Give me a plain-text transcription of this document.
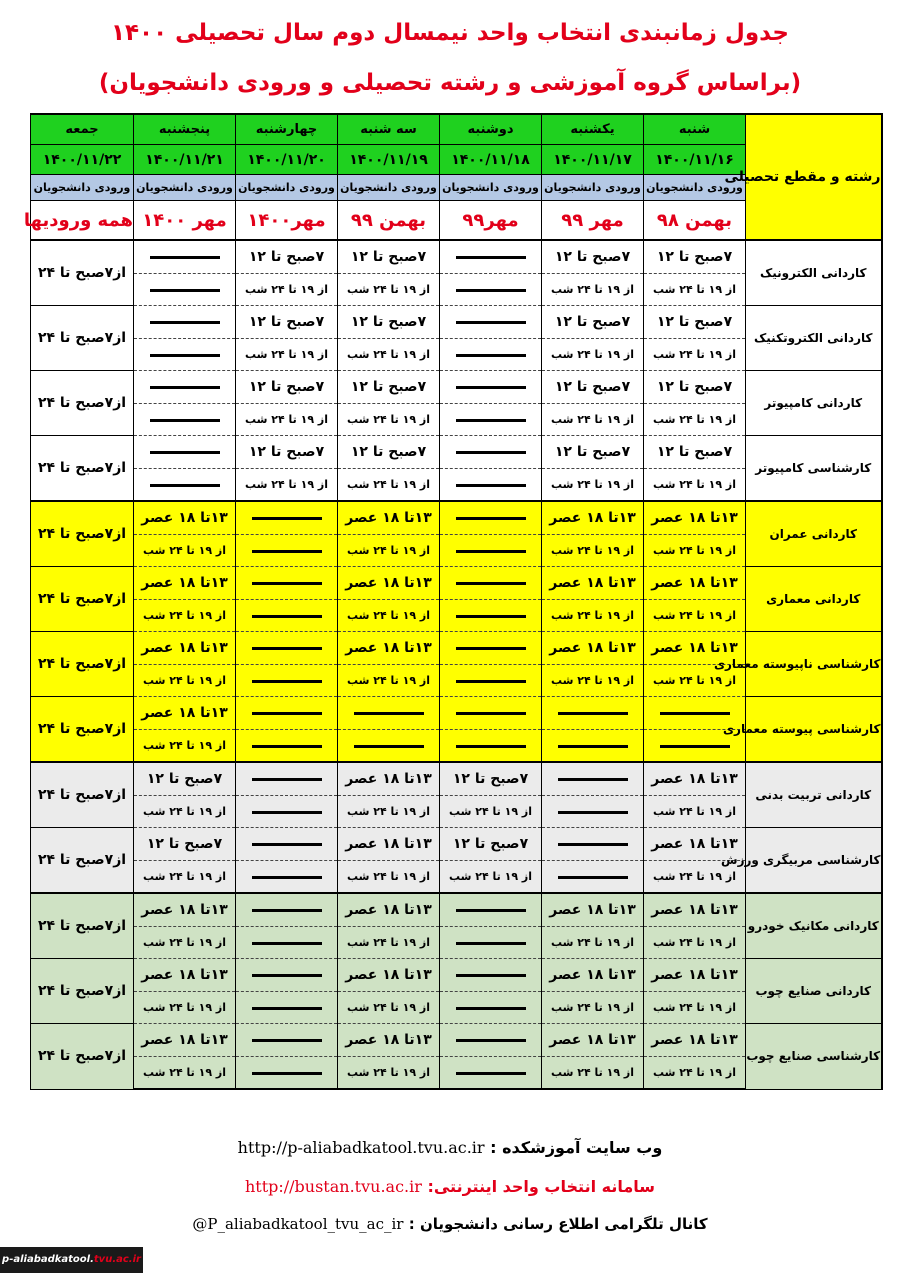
جدول زمانبندی انتخاب واحد نیمسال دوم سال تحصیلی ۱۴۰۰
(براساس گروه آموزشی و رشته تحصیلی و ورودی دانشجویان)
رشته و مقطع تحصیلی	شنبه	یکشنبه	دوشنبه	سه شنبه	چهارشنبه	پنجشنبه	جمعه
	۱۴۰۰/۱۱/۱۶	۱۴۰۰/۱۱/۱۷	۱۴۰۰/۱۱/۱۸	۱۴۰۰/۱۱/۱۹	۱۴۰۰/۱۱/۲۰	۱۴۰۰/۱۱/۲۱	۱۴۰۰/۱۱/۲۲
	ورودی دانشجویان	ورودی دانشجویان	ورودی دانشجویان	ورودی دانشجویان	ورودی دانشجویان	ورودی دانشجویان	ورودی دانشجویان
	بهمن ۹۸	مهر ۹۹	مهر۹۹	بهمن ۹۹	مهر۱۴۰۰	مهر ۱۴۰۰	همه ورودیها
کاردانی الکترونیک	۷صبح تا ۱۲	۷صبح تا ۱۲		۷صبح تا ۱۲	۷صبح تا ۱۲		از۷صبح تا ۲۴
	از ۱۹ تا ۲۴ شب	از ۱۹ تا ۲۴ شب		از ۱۹ تا ۲۴ شب	از ۱۹ تا ۲۴ شب		
کاردانی الکتروتکنیک	۷صبح تا ۱۲	۷صبح تا ۱۲		۷صبح تا ۱۲	۷صبح تا ۱۲		از۷صبح تا ۲۴
	از ۱۹ تا ۲۴ شب	از ۱۹ تا ۲۴ شب		از ۱۹ تا ۲۴ شب	از ۱۹ تا ۲۴ شب		
کاردانی کامپیوتر	۷صبح تا ۱۲	۷صبح تا ۱۲		۷صبح تا ۱۲	۷صبح تا ۱۲		از۷صبح تا ۲۴
	از ۱۹ تا ۲۴ شب	از ۱۹ تا ۲۴ شب		از ۱۹ تا ۲۴ شب	از ۱۹ تا ۲۴ شب		
کارشناسی کامپیوتر	۷صبح تا ۱۲	۷صبح تا ۱۲		۷صبح تا ۱۲	۷صبح تا ۱۲		از۷صبح تا ۲۴
	از ۱۹ تا ۲۴ شب	از ۱۹ تا ۲۴ شب		از ۱۹ تا ۲۴ شب	از ۱۹ تا ۲۴ شب		
کاردانی عمران	۱۳تا ۱۸ عصر	۱۳تا ۱۸ عصر		۱۳تا ۱۸ عصر		۱۳تا ۱۸ عصر	از۷صبح تا ۲۴
	از ۱۹ تا ۲۴ شب	از ۱۹ تا ۲۴ شب		از ۱۹ تا ۲۴ شب		از ۱۹ تا ۲۴ شب	
کاردانی معماری	۱۳تا ۱۸ عصر	۱۳تا ۱۸ عصر		۱۳تا ۱۸ عصر		۱۳تا ۱۸ عصر	از۷صبح تا ۲۴
	از ۱۹ تا ۲۴ شب	از ۱۹ تا ۲۴ شب		از ۱۹ تا ۲۴ شب		از ۱۹ تا ۲۴ شب	
کارشناسی ناپیوسته معماری	۱۳تا ۱۸ عصر	۱۳تا ۱۸ عصر		۱۳تا ۱۸ عصر		۱۳تا ۱۸ عصر	از۷صبح تا ۲۴
	از ۱۹ تا ۲۴ شب	از ۱۹ تا ۲۴ شب		از ۱۹ تا ۲۴ شب		از ۱۹ تا ۲۴ شب	
کارشناسی پیوسته معماری						۱۳تا ۱۸ عصر	از۷صبح تا ۲۴
						از ۱۹ تا ۲۴ شب	
کاردانی تربیت بدنی	۱۳تا ۱۸ عصر		۷صبح تا ۱۲	۱۳تا ۱۸ عصر		۷صبح تا ۱۲	از۷صبح تا ۲۴
	از ۱۹ تا ۲۴ شب		از ۱۹ تا ۲۴ شب	از ۱۹ تا ۲۴ شب		از ۱۹ تا ۲۴ شب	
کارشناسی مربیگری ورزش	۱۳تا ۱۸ عصر		۷صبح تا ۱۲	۱۳تا ۱۸ عصر		۷صبح تا ۱۲	از۷صبح تا ۲۴
	از ۱۹ تا ۲۴ شب		از ۱۹ تا ۲۴ شب	از ۱۹ تا ۲۴ شب		از ۱۹ تا ۲۴ شب	
کاردانی مکانیک خودرو	۱۳تا ۱۸ عصر	۱۳تا ۱۸ عصر		۱۳تا ۱۸ عصر		۱۳تا ۱۸ عصر	از۷صبح تا ۲۴
	از ۱۹ تا ۲۴ شب	از ۱۹ تا ۲۴ شب		از ۱۹ تا ۲۴ شب		از ۱۹ تا ۲۴ شب	
کاردانی صنایع چوب	۱۳تا ۱۸ عصر	۱۳تا ۱۸ عصر		۱۳تا ۱۸ عصر		۱۳تا ۱۸ عصر	از۷صبح تا ۲۴
	از ۱۹ تا ۲۴ شب	از ۱۹ تا ۲۴ شب		از ۱۹ تا ۲۴ شب		از ۱۹ تا ۲۴ شب	
کارشناسی صنایع چوب	۱۳تا ۱۸ عصر	۱۳تا ۱۸ عصر		۱۳تا ۱۸ عصر		۱۳تا ۱۸ عصر	از۷صبح تا ۲۴
	از ۱۹ تا ۲۴ شب	از ۱۹ تا ۲۴ شب		از ۱۹ تا ۲۴ شب		از ۱۹ تا ۲۴ شب	
وب سایت آموزشکده : http://p-aliabadkatool.tvu.ac.ir
سامانه انتخاب واحد اینترنتی: http://bustan.tvu.ac.ir
کانال تلگرامی اطلاع رسانی دانشجویان : @P_aliabadkatool_tvu_ac_ir
p-aliabadkatool.tvu.ac.ir
